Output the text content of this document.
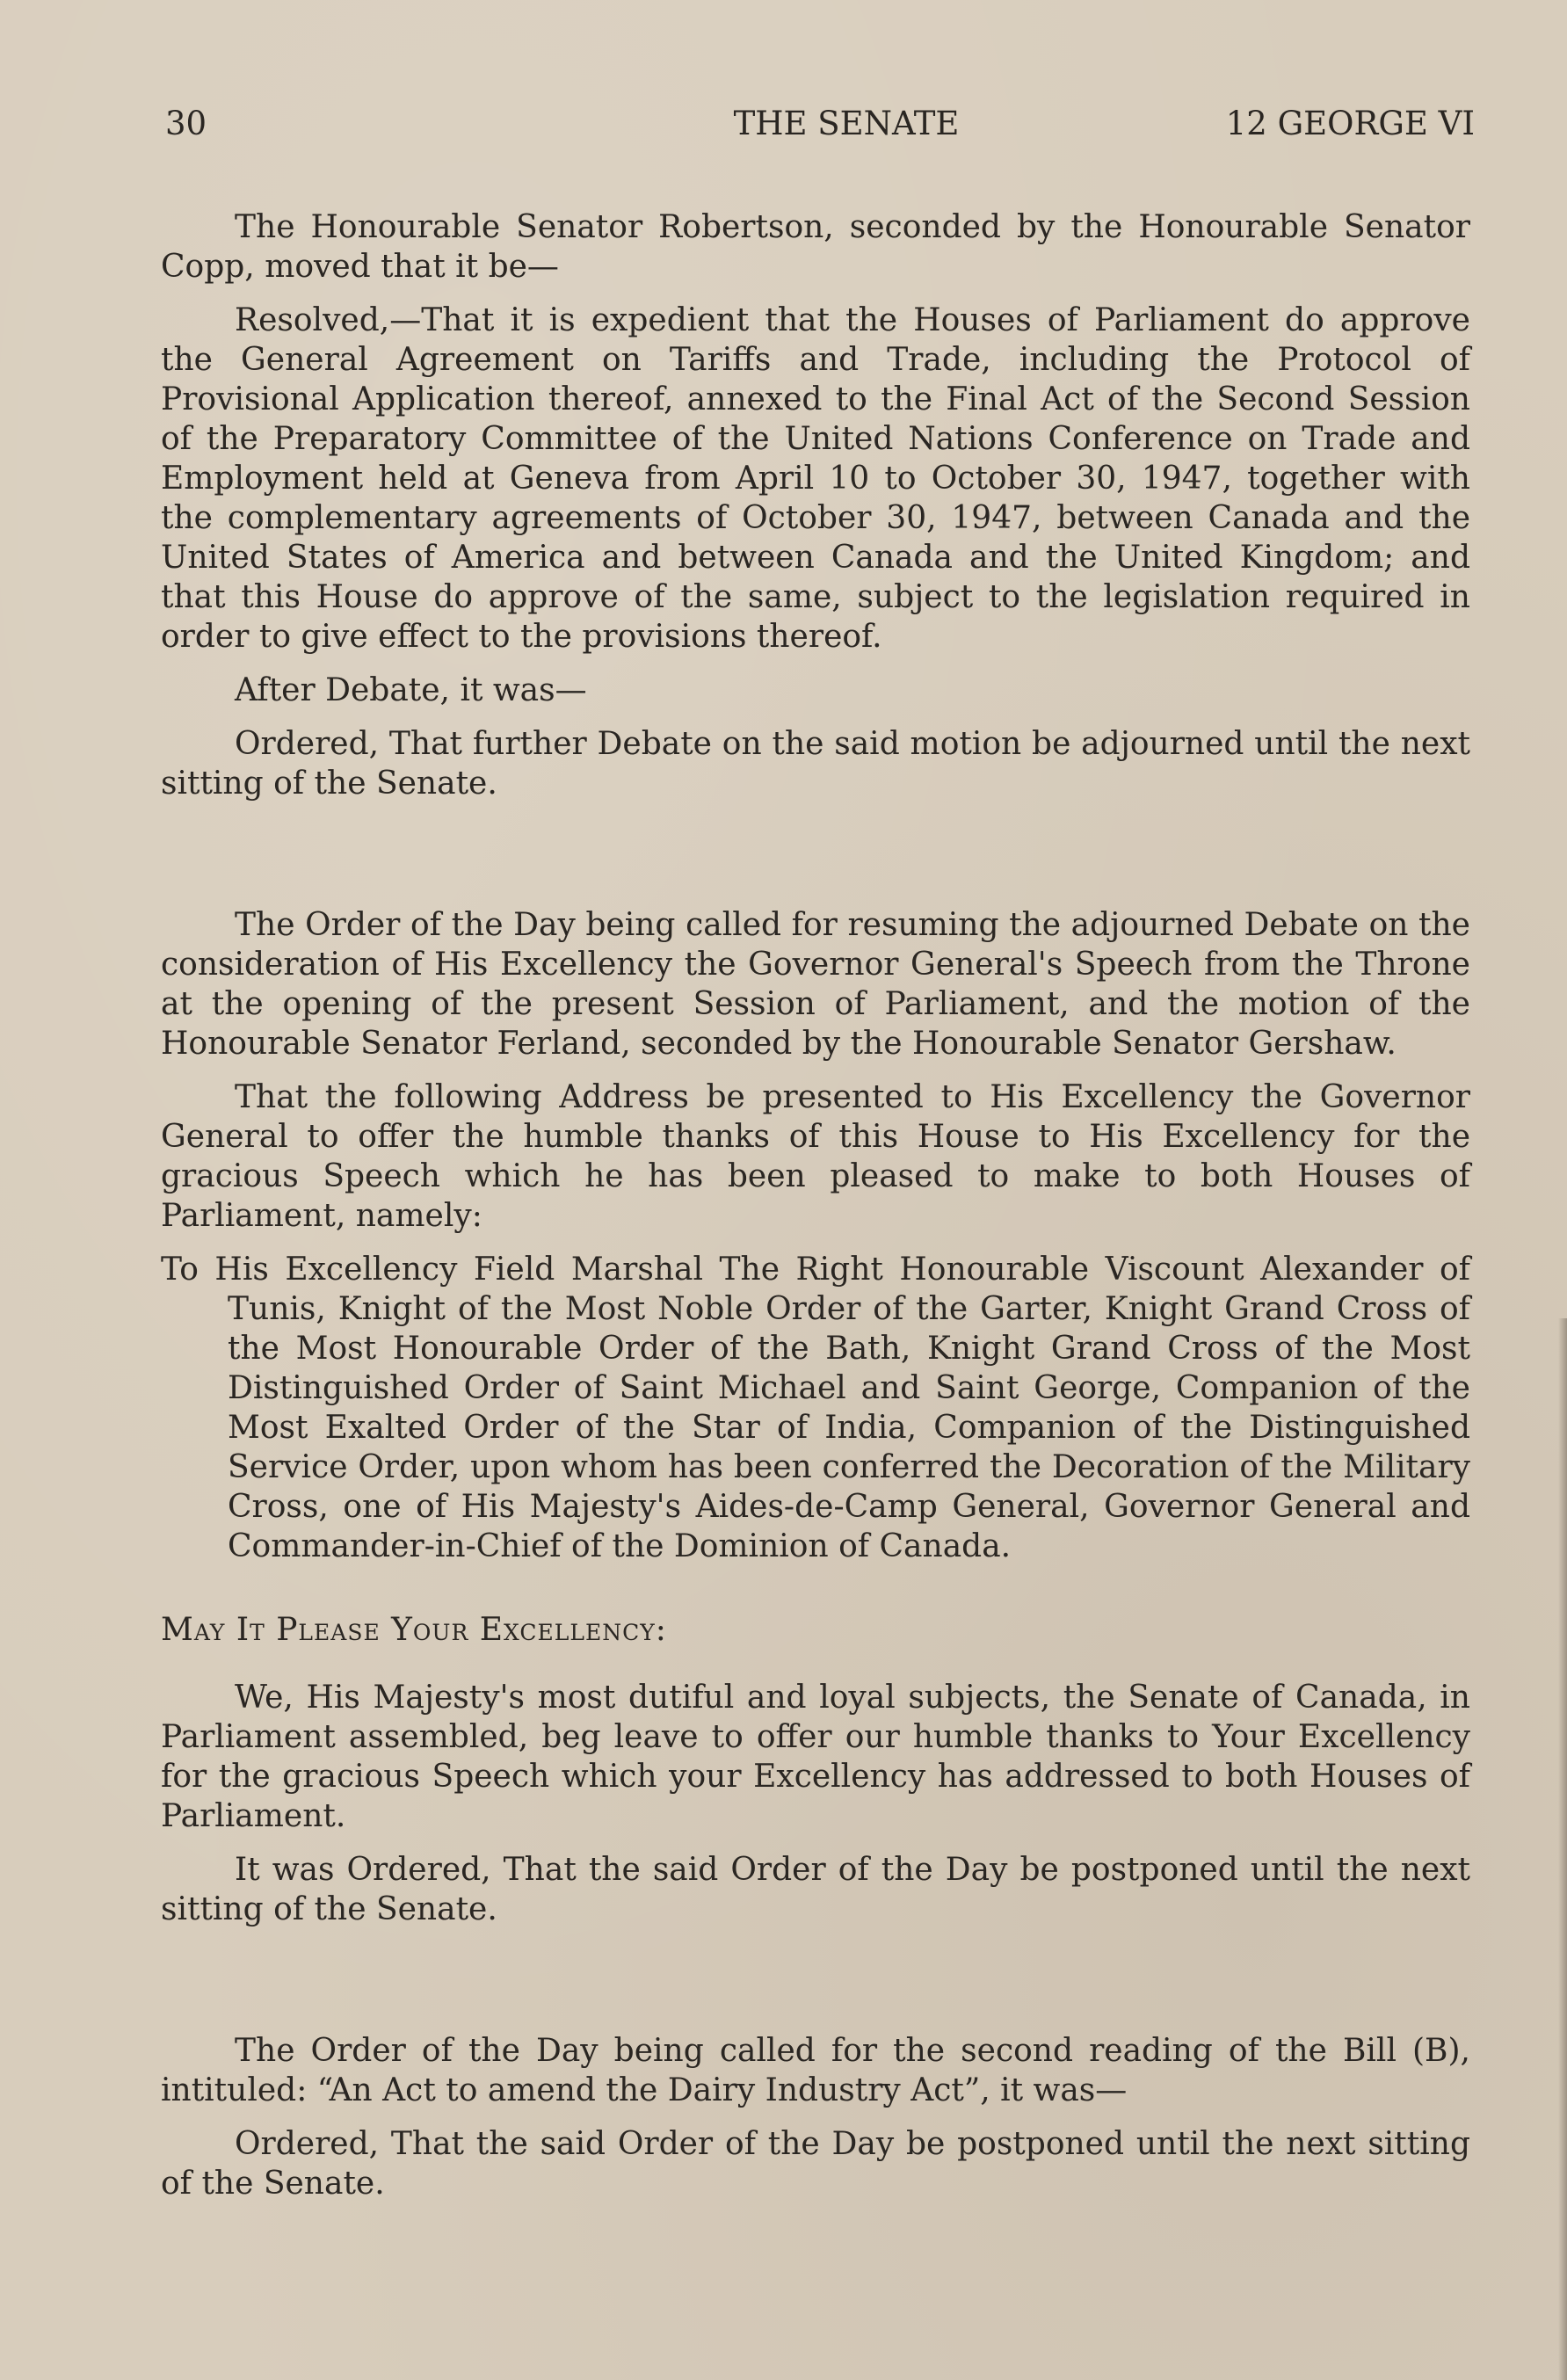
30	THE SENATE	12 GEORGE VI

The Honourable Senator Robertson, seconded by the Honourable Senator Copp, moved that it be—

Resolved,—That it is expedient that the Houses of Parliament do approve the General Agreement on Tariffs and Trade, including the Protocol of Provisional Application thereof, annexed to the Final Act of the Second Session of the Preparatory Committee of the United Nations Conference on Trade and Employment held at Geneva from April 10 to October 30, 1947, together with the complementary agreements of October 30, 1947, between Canada and the United States of America and between Canada and the United Kingdom; and that this House do approve of the same, subject to the legislation required in order to give effect to the provisions thereof.

After Debate, it was—

Ordered, That further Debate on the said motion be adjourned until the next sitting of the Senate.

The Order of the Day being called for resuming the adjourned Debate on the consideration of His Excellency the Governor General's Speech from the Throne at the opening of the present Session of Parliament, and the motion of the Honourable Senator Ferland, seconded by the Honourable Senator Gershaw.

That the following Address be presented to His Excellency the Governor General to offer the humble thanks of this House to His Excellency for the gracious Speech which he has been pleased to make to both Houses of Parliament, namely:

To His Excellency Field Marshal The Right Honourable Viscount Alexander of Tunis, Knight of the Most Noble Order of the Garter, Knight Grand Cross of the Most Honourable Order of the Bath, Knight Grand Cross of the Most Distinguished Order of Saint Michael and Saint George, Companion of the Most Exalted Order of the Star of India, Companion of the Distinguished Service Order, upon whom has been conferred the Decoration of the Military Cross, one of His Majesty's Aides-de-Camp General, Governor General and Commander-in-Chief of the Dominion of Canada.

May It Please Your Excellency:

We, His Majesty's most dutiful and loyal subjects, the Senate of Canada, in Parliament assembled, beg leave to offer our humble thanks to Your Excellency for the gracious Speech which your Excellency has addressed to both Houses of Parliament.

It was Ordered, That the said Order of the Day be postponed until the next sitting of the Senate.

The Order of the Day being called for the second reading of the Bill (B), intituled: “An Act to amend the Dairy Industry Act”, it was—

Ordered, That the said Order of the Day be postponed until the next sitting of the Senate.
